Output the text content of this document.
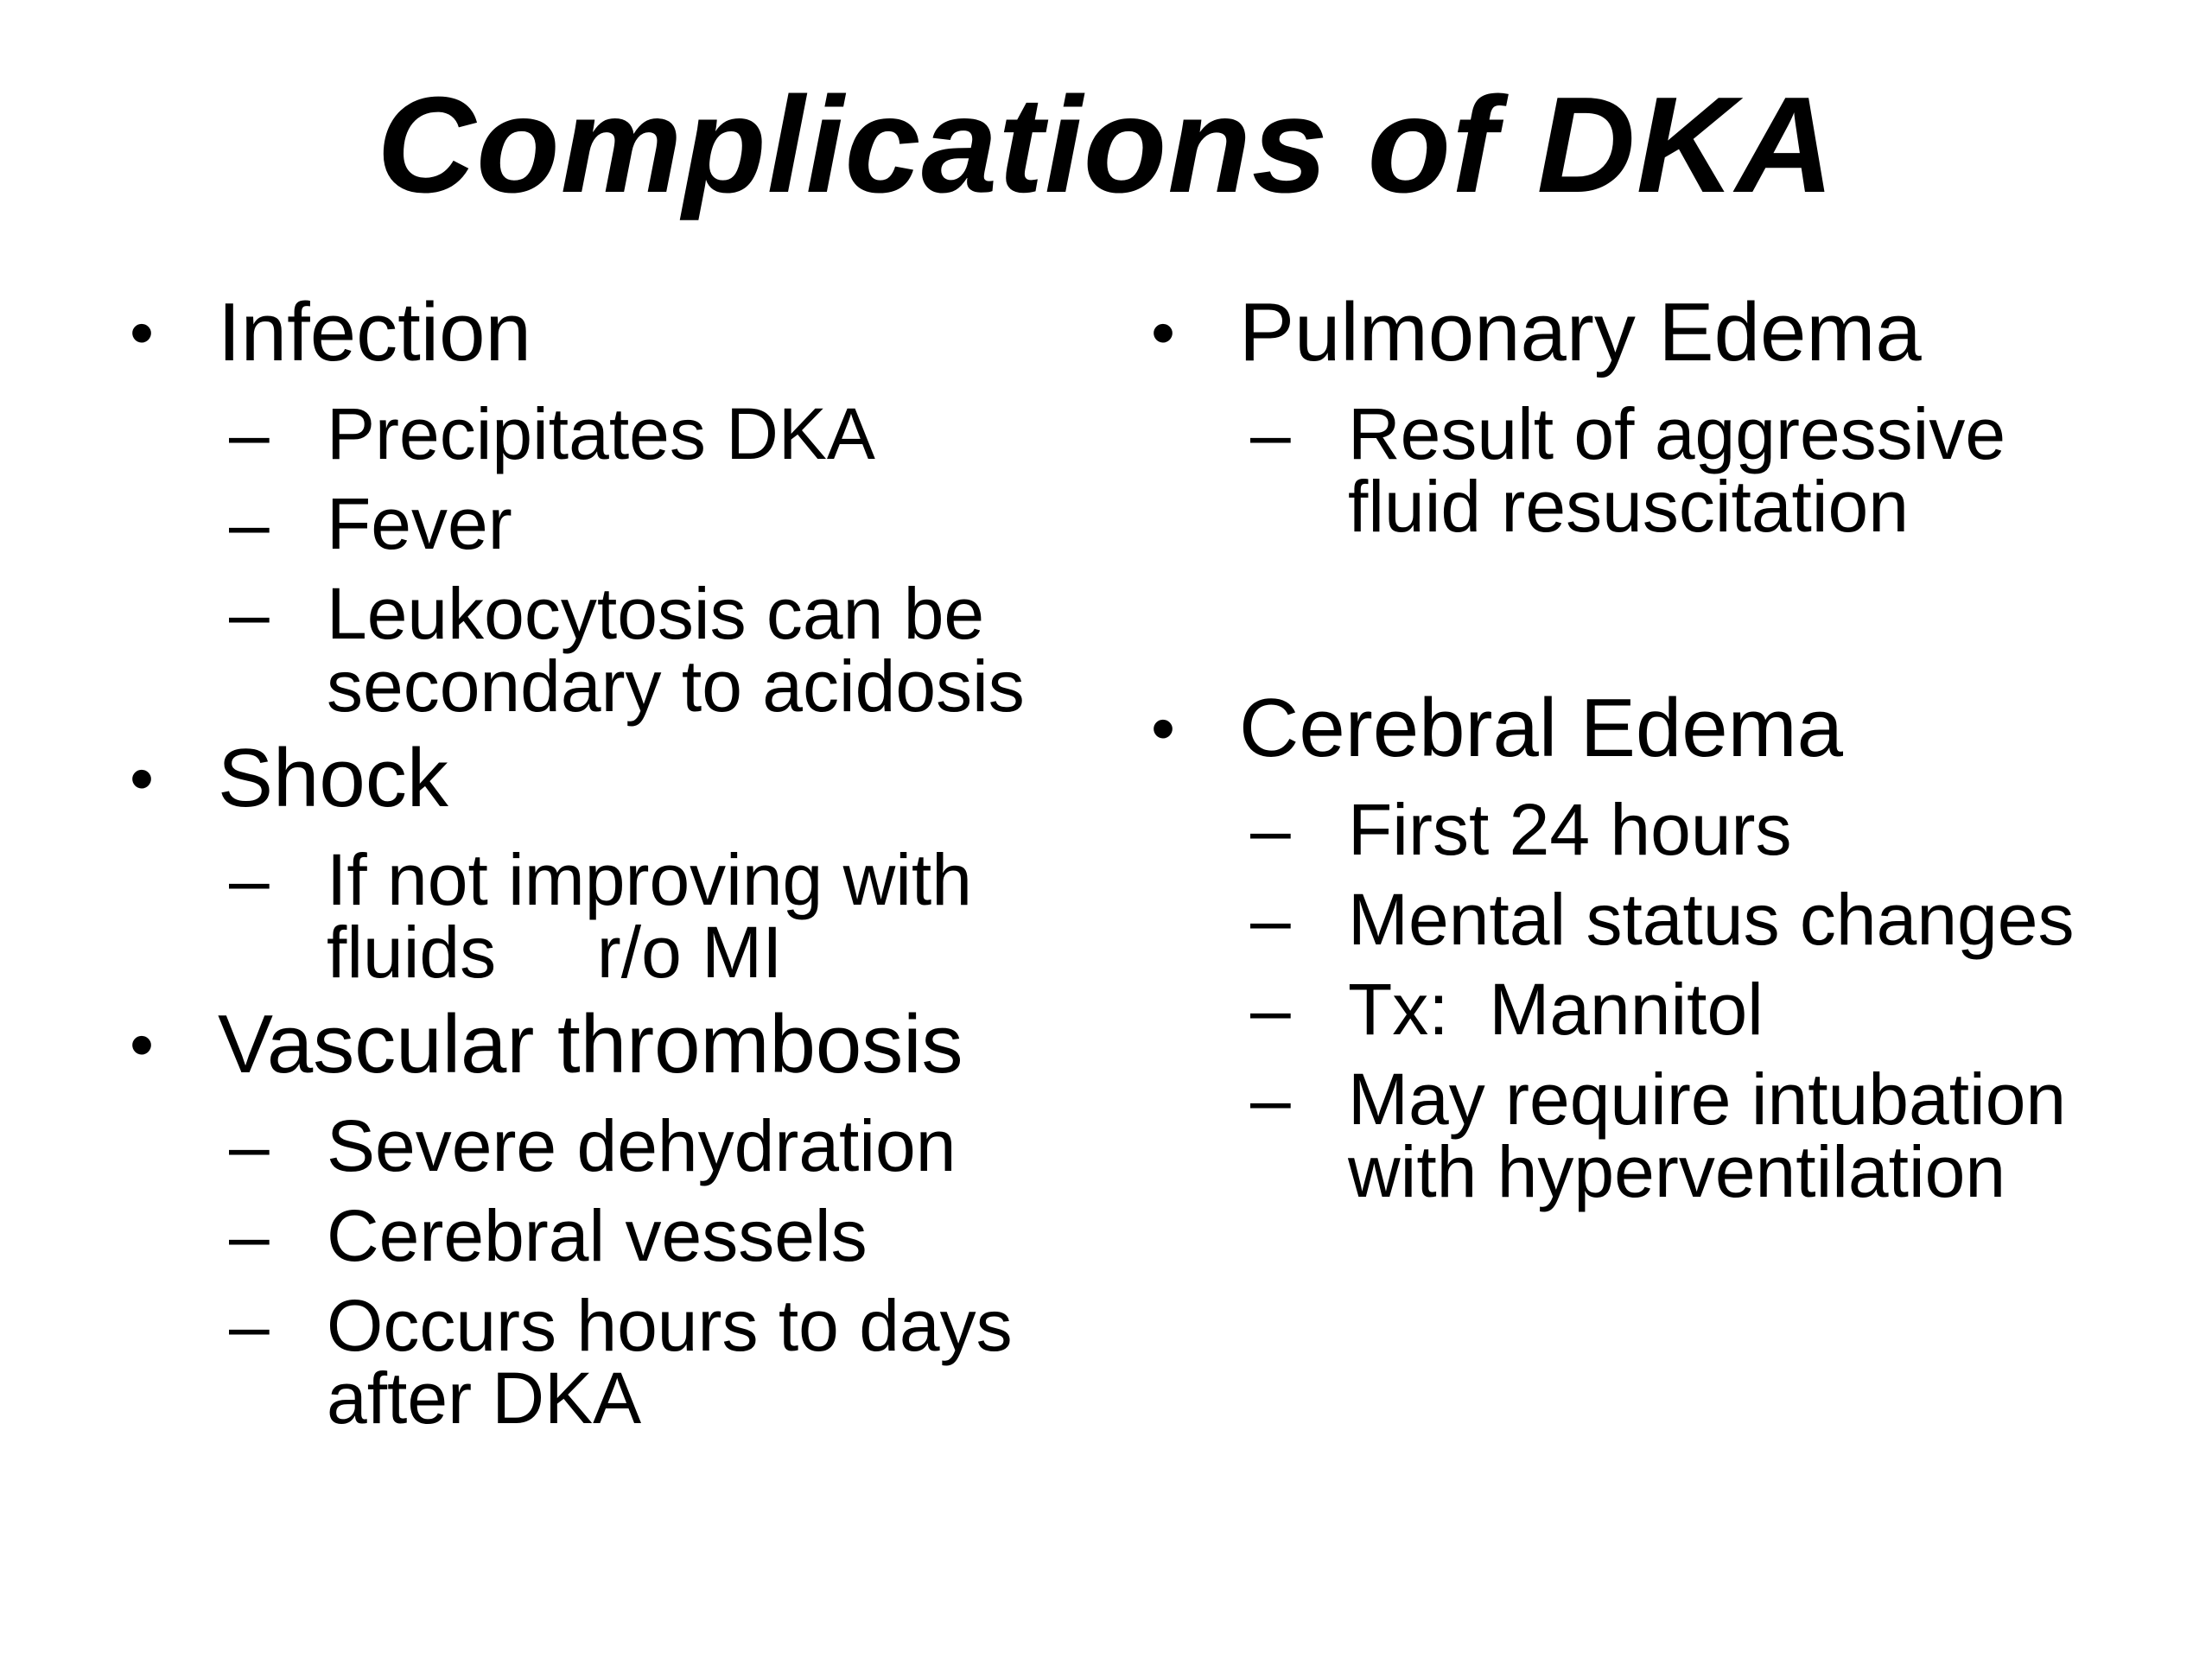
Complications of DKA

• Infection

– Precipitates DKA
– Fever
– Leukocytosis can be secondary to acidosis

• Shock

– If not improving with fluids     r/o MI

• Vascular thrombosis

– Severe dehydration
– Cerebral vessels
– Occurs hours to days after DKA

• Pulmonary Edema

– Result of aggressive fluid resuscitation

• Cerebral Edema

– First 24 hours
– Mental status changes
– Tx:  Mannitol
– May require intubation with hyperventilation
